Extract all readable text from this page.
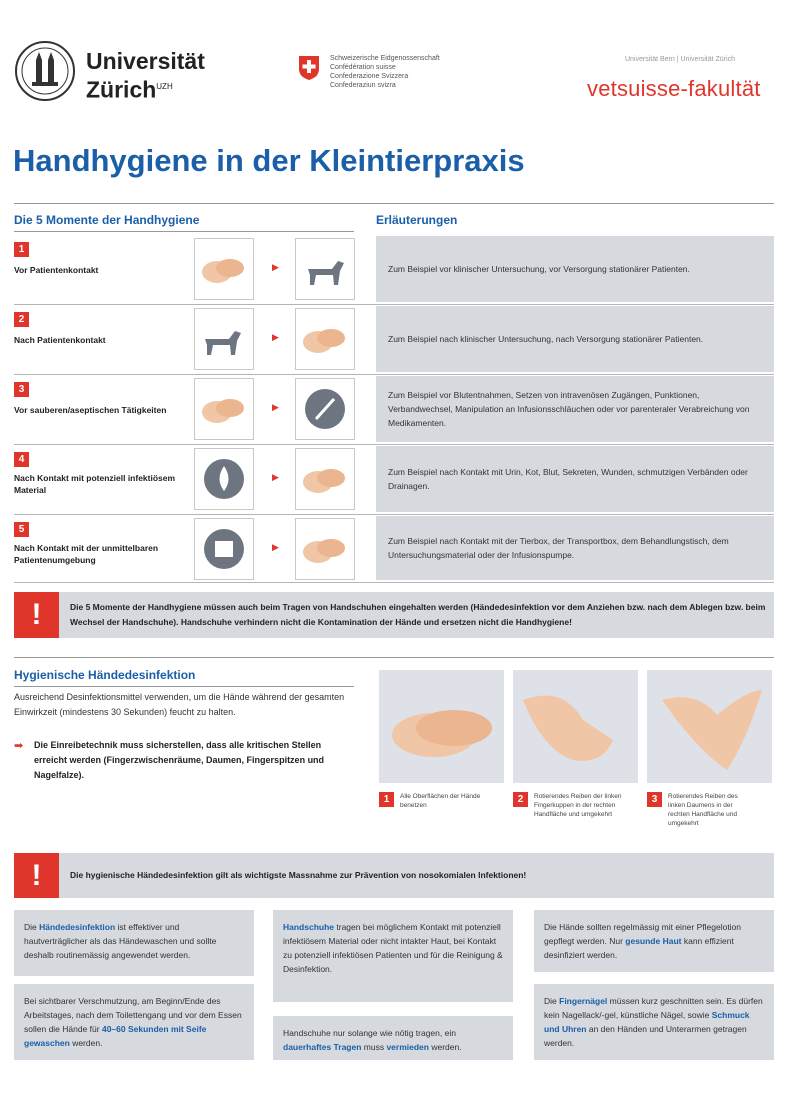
Universität
Zürich$^{UZH}$
Schweizerische Eidgenossenschaft
Confédération suisse
Confederazione Svizzera
Confederaziun svizra
Universität Bern | Universität Zürich
vetsuisse-fakultät
Handhygiene in der Kleintierpraxis
Die 5 Momente der Handhygiene	Erläuterungen
1
Vor Patientenkontakt	▶	Zum Beispiel vor klinischer Untersuchung, vor Versorgung stationärer Patienten.
2
Nach Patientenkontakt	▶	Zum Beispiel nach klinischer Untersuchung, nach Versorgung stationärer Patienten.
3
Vor sauberen/aseptischen Tätigkeiten	▶
Zum Beispiel vor Blutentnahmen, Setzen von intravenösen Zugängen, Punktionen, Verbandwechsel, Manipulation an Infusionsschläuchen oder vor parenteraler Verabreichung von Medikamenten.
4
Nach Kontakt mit potenziell infektiösem Material
▶	Zum Beispiel nach Kontakt mit Urin, Kot, Blut, Sekreten, Wunden, schmutzigen Verbänden oder Drainagen.
5
Nach Kontakt mit der unmittelbaren Patientenumgebung
▶
Zum Beispiel nach Kontakt mit der Tierbox, der Transportbox, dem Behandlungstisch, dem Untersuchungsmaterial oder der Infusionspumpe.
!	Die 5 Momente der Handhygiene müssen auch beim Tragen von Handschuhen eingehalten werden (Händedesinfektion vor dem Anziehen bzw. nach dem Ablegen bzw. beim Wechsel der Handschuhe). Handschuhe verhindern nicht die Kontamination der Hände und ersetzen nicht die Handhygiene!
Hygienische Händedesinfektion
Ausreichend Desinfektionsmittel verwenden, um die Hände während der gesamten Einwirkzeit (mindestens 30 Sekunden) feucht zu halten.
➡ Die Einreibetechnik muss sicherstellen, dass alle kritischen Stellen erreicht werden (Fingerzwischenräume, Daumen, Fingerspitzen und Nagelfalze).
1	Alle Oberflächen der Hände benetzen
2	Rotierendes Reiben der linken Fingerkuppen in der rechten Handfläche und umgekehrt
3	Rotierendes Reiben des linken Daumens in der rechten Handfläche und umgekehrt
!	Die hygienische Händedesinfektion gilt als wichtigste Massnahme zur Prävention von nosokomialen Infektionen!
Die Händedesinfektion ist effektiver und hautverträglicher als das Händewaschen und sollte deshalb routinemässig angewendet werden.
Bei sichtbarer Verschmutzung, am Beginn/Ende des Arbeitstages, nach dem Toilettengang und vor dem Essen sollen die Hände für 40–60 Sekunden mit Seife gewaschen werden.
Handschuhe tragen bei möglichem Kontakt mit potenziell infektiösem Material oder nicht intakter Haut, bei Kontakt zu potenziell infektiösen Patienten und für die Reinigung & Desinfektion.
Handschuhe nur solange wie nötig tragen, ein dauerhaftes Tragen muss vermieden werden.
Die Hände sollten regelmässig mit einer Pflegelotion gepflegt werden. Nur gesunde Haut kann effizient desinfiziert werden.
Die Fingernägel müssen kurz geschnitten sein. Es dürfen kein Nagellack/-gel, künstliche Nägel, sowie Schmuck und Uhren an den Händen und Unterarmen getragen werden.
